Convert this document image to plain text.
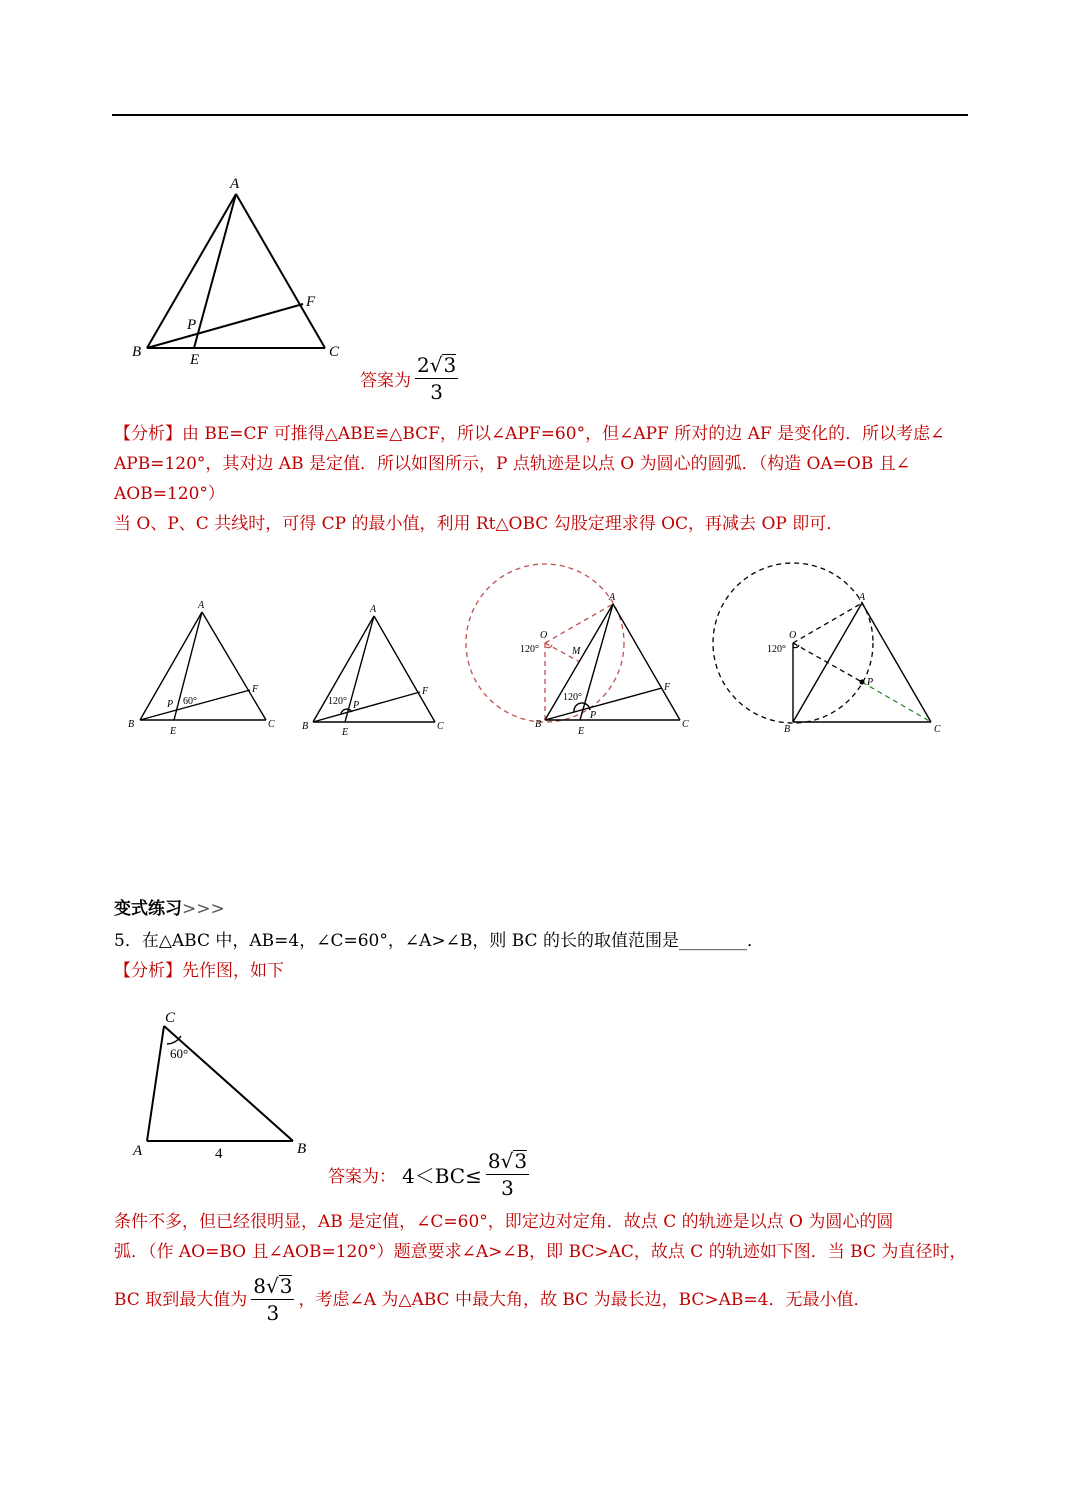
A
B	C
E
F
P
A
B	C
E
F
P 60°
A
B	C
E
F
P
120°
A
B	C
E
F
P
O
M
120°
120°
A
B	C
O
P
120°
C
A	B
4
60°
答案为 $\frac{2√3}{3}$
【分析】由 BE=CF 可推得△ABE≌△BCF，所以∠APF=60°，但∠APF 所对的边 AF 是变化的．所以考虑∠
APB=120°，其对边 AB 是定值．所以如图所示，P 点轨迹是以点 O 为圆心的圆弧．（构造 OA=OB 且∠
AOB=120°）
当 O、P、C 共线时，可得 CP 的最小值，利用 Rt△OBC 勾股定理求得 OC，再减去 OP 即可．
变式练习>>>
5．在△ABC 中，AB=4，∠C=60°，∠A>∠B，则 BC 的长的取值范围是________．
【分析】先作图，如下
答案为： $4<BC\le \frac{8√3}{3}$
条件不多，但已经很明显，AB 是定值，∠C=60°，即定边对定角．故点 C 的轨迹是以点 O 为圆心的圆
弧．（作 AO=BO 且∠AOB=120°）题意要求∠A>∠B，即 BC>AC，故点 C 的轨迹如下图．当 BC 为直径时，
BC 取到最大值为 $\frac{8√3}{3}$ ，考虑∠A 为△ABC 中最大角，故 BC 为最长边，BC>AB=4．无最小值．
